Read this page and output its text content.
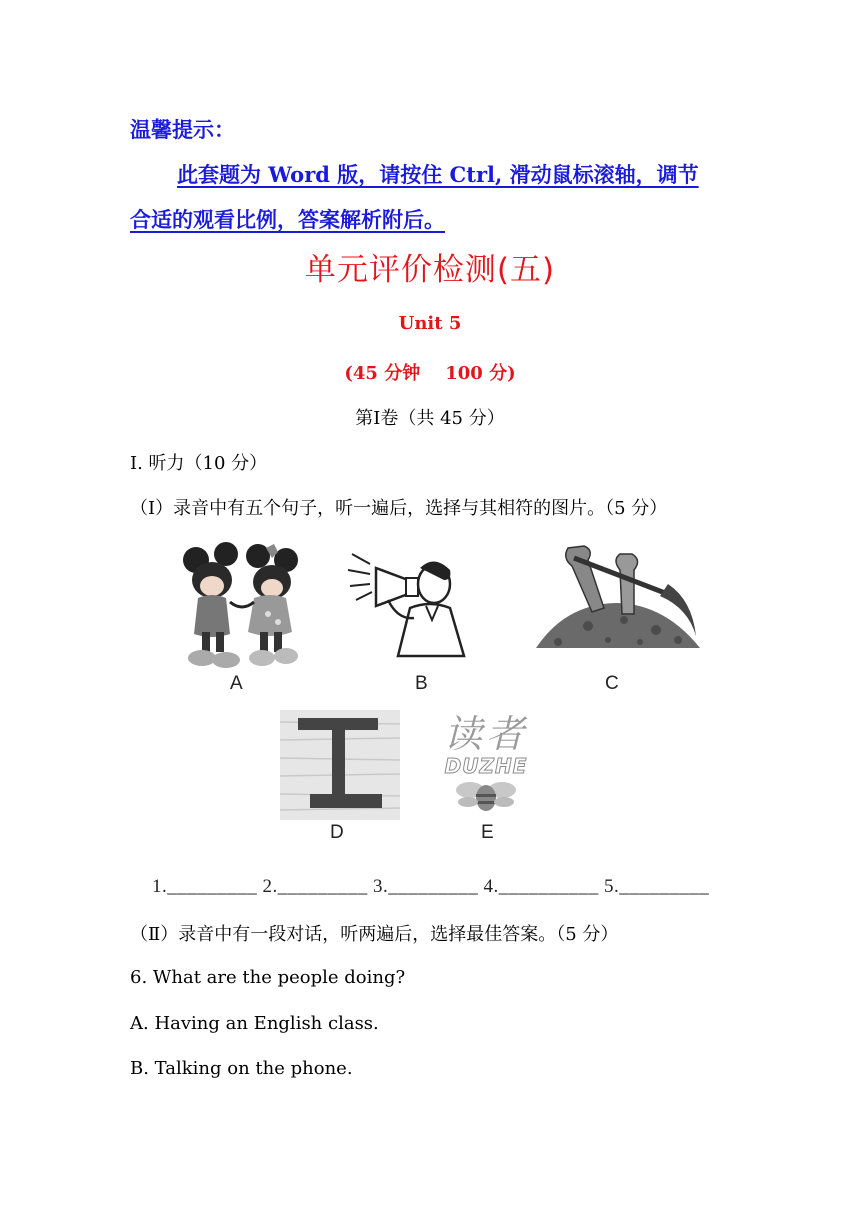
温馨提示：
此套题为 Word 版，请按住 Ctrl, 滑动鼠标滚轴，调节
合适的观看比例，答案解析附后。
单元评价检测(五)
Unit 5
(45 分钟    100 分)
第Ⅰ卷（共 45 分）
Ⅰ. 听力（10 分）
（Ⅰ）录音中有五个句子，听一遍后，选择与其相符的图片。（5 分）
A	B	C
D
读者
DUZHE
E
1._________ 2._________ 3._________ 4.__________ 5._________
（Ⅱ）录音中有一段对话，听两遍后，选择最佳答案。（5 分）
6. What are the people doing?
A. Having an English class.
B. Talking on the phone.
